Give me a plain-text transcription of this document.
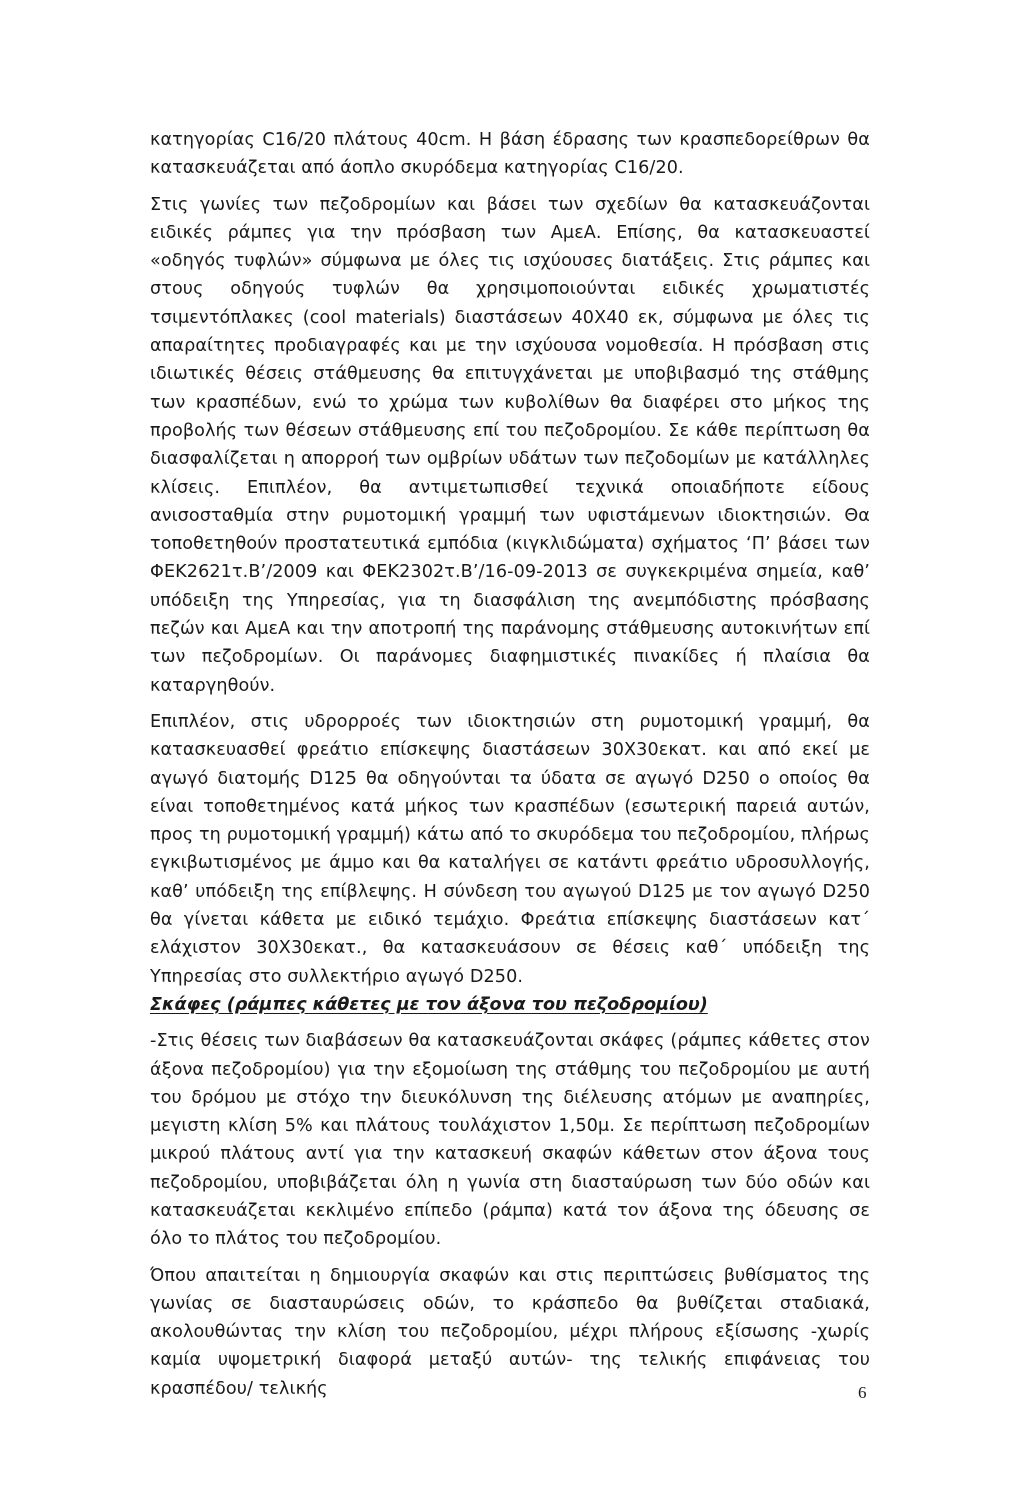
κατηγορίας C16/20 πλάτους 40cm. Η βάση έδρασης των κρασπεδορείθρων θα κατασκευάζεται από άοπλο σκυρόδεμα κατηγορίας C16/20.

Στις γωνίες των πεζοδρομίων και βάσει των σχεδίων θα κατασκευάζονται ειδικές ράμπες για την πρόσβαση των ΑμεΑ. Επίσης, θα κατασκευαστεί «οδηγός τυφλών» σύμφωνα με όλες τις ισχύουσες διατάξεις. Στις ράμπες και στους οδηγούς τυφλών θα χρησιμοποιούνται ειδικές χρωματιστές τσιμεντόπλακες (cool materials) διαστάσεων 40Χ40 εκ, σύμφωνα με όλες τις απαραίτητες προδιαγραφές και με την ισχύουσα νομοθεσία. Η πρόσβαση στις ιδιωτικές θέσεις στάθμευσης θα επιτυγχάνεται με υποβιβασμό της στάθμης των κρασπέδων, ενώ το χρώμα των κυβολίθων θα διαφέρει στο μήκος της προβολής των θέσεων στάθμευσης επί του πεζοδρομίου. Σε κάθε περίπτωση θα διασφαλίζεται η απορροή των ομβρίων υδάτων των πεζοδομίων με κατάλληλες κλίσεις. Επιπλέον, θα αντιμετωπισθεί τεχνικά οποιαδήποτε είδους ανισοσταθμία στην ρυμοτομική γραμμή των υφιστάμενων ιδιοκτησιών. Θα τοποθετηθούν προστατευτικά εμπόδια (κιγκλιδώματα) σχήματος ‘Π’ βάσει των ΦΕΚ2621τ.Β’/2009 και ΦΕΚ2302τ.Β’/16-09-2013 σε συγκεκριμένα σημεία, καθ’ υπόδειξη της Υπηρεσίας, για τη διασφάλιση της ανεμπόδιστης πρόσβασης πεζών και ΑμεΑ και την αποτροπή της παράνομης στάθμευσης αυτοκινήτων επί των πεζοδρομίων. Οι παράνομες διαφημιστικές πινακίδες ή πλαίσια θα καταργηθούν.

Επιπλέον, στις υδρορροές των ιδιοκτησιών στη ρυμοτομική γραμμή, θα κατασκευασθεί φρεάτιο επίσκεψης διαστάσεων 30Χ30εκατ. και από εκεί με αγωγό διατομής D125 θα οδηγούνται τα ύδατα σε αγωγό D250 ο οποίος θα είναι τοποθετημένος κατά μήκος των κρασπέδων (εσωτερική παρειά αυτών, προς τη ρυμοτομική γραμμή) κάτω από το σκυρόδεμα του πεζοδρομίου, πλήρως εγκιβωτισμένος με άμμο και θα καταλήγει σε κατάντι φρεάτιο υδροσυλλογής, καθ’ υπόδειξη της επίβλεψης. Η σύνδεση του αγωγού D125 με τον αγωγό D250 θα γίνεται κάθετα με ειδικό τεμάχιο. Φρεάτια επίσκεψης διαστάσεων κατ΄ ελάχιστον 30Χ30εκατ., θα κατασκευάσουν σε θέσεις καθ΄ υπόδειξη της Υπηρεσίας στο συλλεκτήριο αγωγό D250.

Σκάφες (ράμπες κάθετες με τον άξονα του πεζοδρομίου)

-Στις θέσεις των διαβάσεων θα κατασκευάζονται σκάφες (ράμπες κάθετες στον άξονα πεζοδρομίου) για την εξομοίωση της στάθμης του πεζοδρομίου με αυτή του δρόμου με στόχο την διευκόλυνση της διέλευσης ατόμων με αναπηρίες, μεγιστη κλίση 5% και πλάτους τουλάχιστον 1,50μ. Σε περίπτωση πεζοδρομίων μικρού πλάτους αντί για την κατασκευή σκαφών κάθετων στον άξονα τους πεζοδρομίου, υποβιβάζεται όλη η γωνία στη διασταύρωση των δύο οδών και κατασκευάζεται κεκλιμένο επίπεδο (ράμπα) κατά τον άξονα της όδευσης σε όλο το πλάτος του πεζοδρομίου.

Όπου απαιτείται η δημιουργία σκαφών και στις περιπτώσεις βυθίσματος της γωνίας σε διασταυρώσεις οδών, το κράσπεδο θα βυθίζεται σταδιακά, ακολουθώντας την κλίση του πεζοδρομίου, μέχρι πλήρους εξίσωσης -χωρίς καμία υψομετρική διαφορά μεταξύ αυτών- της τελικής επιφάνειας του κρασπέδου/ τελικής	6
